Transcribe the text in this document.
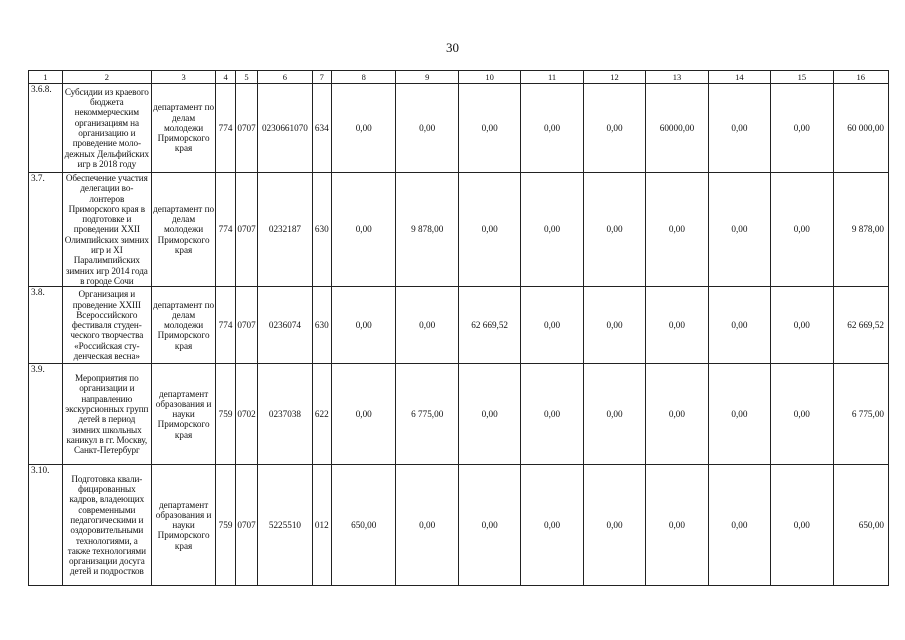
30
1	2	3	4	5	6	7	8	9	10	11	12	13	14	15	16
3.6.8.	Субсидии из краевого бюджета некоммерческим организациям на организацию и проведение моло-дежных Дельфийских игр в 2018 году	департамент по делам молодежи Приморского края	774	0707	0230661070	634	0,00	0,00	0,00	0,00	0,00	60000,00	0,00	0,00	60 000,00
3.7.	Обеспечение участия делегации во-лонтеров Приморского края в подготовке и проведении XXII Олимпийских зимних игр и XI Паралимпийских зимних игр 2014 года в городе Сочи	департамент по делам молодежи Приморского края	774	0707	0232187	630	0,00	9 878,00	0,00	0,00	0,00	0,00	0,00	0,00	9 878,00
3.8.	Организация и проведение XXIII Всероссийского фестиваля студен-ческого творчества «Российская сту-денческая весна»	департамент по делам молодежи Приморского края	774	0707	0236074	630	0,00	0,00	62 669,52	0,00	0,00	0,00	0,00	0,00	62 669,52
3.9.	Мероприятия по организации и направлению экскурсионных групп детей в период зимних школьных каникул в гг. Москву, Санкт-Петербург	департамент образования и науки Приморского края	759	0702	0237038	622	0,00	6 775,00	0,00	0,00	0,00	0,00	0,00	0,00	6 775,00
3.10.	Подготовка квали-фицированных кадров, владеющих современными педагогическими и оздоровительными технологиями, а также технологиями организации досуга детей и подростков	департамент образования и науки Приморского края	759	0707	5225510	012	650,00	0,00	0,00	0,00	0,00	0,00	0,00	0,00	650,00
